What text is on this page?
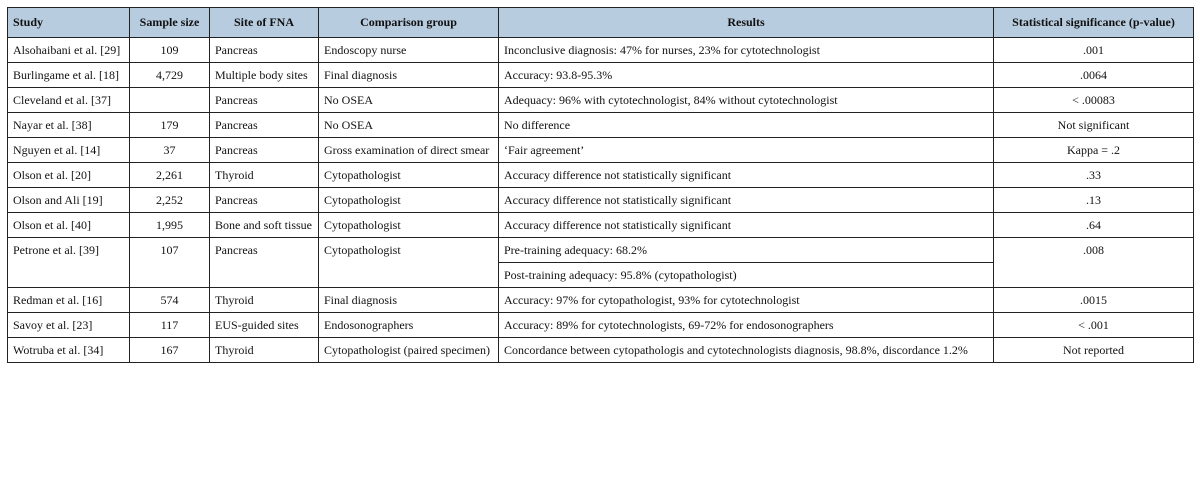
Study	Sample size	Site of FNA	Comparison group	Results	Statistical significance (p-value)
Alsohaibani et al. [29]	109	Pancreas	Endoscopy nurse	Inconclusive diagnosis: 47% for nurses, 23% for cytotechnologist	.001
Burlingame et al. [18]	4,729	Multiple body sites	Final diagnosis	Accuracy: 93.8-95.3%	.0064
Cleveland et al. [37]		Pancreas	No OSEA	Adequacy: 96% with cytotechnologist, 84% without cytotechnologist	< .00083
Nayar et al. [38]	179	Pancreas	No OSEA	No difference	Not significant
Nguyen et al. [14]	37	Pancreas	Gross examination of direct smear	‘Fair agreement’	Kappa = .2
Olson et al. [20]	2,261	Thyroid	Cytopathologist	Accuracy difference not statistically significant	.33
Olson and Ali [19]	2,252	Pancreas	Cytopathologist	Accuracy difference not statistically significant	.13
Olson et al. [40]	1,995	Bone and soft tissue	Cytopathologist	Accuracy difference not statistically significant	.64
Petrone et al. [39]	107	Pancreas	Cytopathologist	Pre-training adequacy: 68.2%	.008
				Post-training adequacy: 95.8% (cytopathologist)	
Redman et al. [16]	574	Thyroid	Final diagnosis	Accuracy: 97% for cytopathologist, 93% for cytotechnologist	.0015
Savoy et al. [23]	117	EUS-guided sites	Endosonographers	Accuracy: 89% for cytotechnologists, 69-72% for endosonographers	< .001
Wotruba et al. [34]	167	Thyroid	Cytopathologist (paired specimen)	Concordance between cytopathologis and cytotechnologists diagnosis, 98.8%, discordance 1.2%	Not reported
